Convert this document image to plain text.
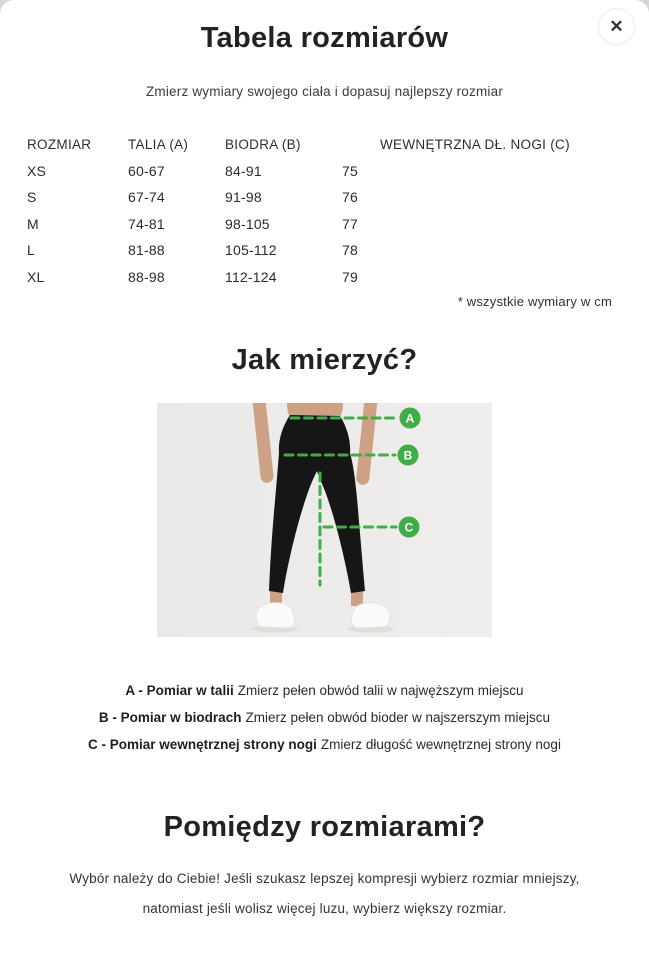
Tabela rozmiarów	✕

Zmierz wymiary swojego ciała i dopasuj najlepszy rozmiar

ROZMIAR	TALIA (A)	BIODRA (B)	WEWNĘTRZNA DŁ. NOGI (C)
XS	60-67	84-91	75
S	67-74	91-98	76
M	74-81	98-105	77
L	81-88	105-112	78
XL	88-98	112-124	79
* wszystkie wymiary w cm
Jak mierzyć?
A
B
C
A - Pomiar w talii Zmierz pełen obwód talii w najwęższym miejscu
B - Pomiar w biodrach Zmierz pełen obwód bioder w najszerszym miejscu
C - Pomiar wewnętrznej strony nogi Zmierz długość wewnętrznej strony nogi
Pomiędzy rozmiarami?

Wybór należy do Ciebie! Jeśli szukasz lepszej kompresji wybierz rozmiar mniejszy, natomiast jeśli wolisz więcej luzu, wybierz większy rozmiar.
